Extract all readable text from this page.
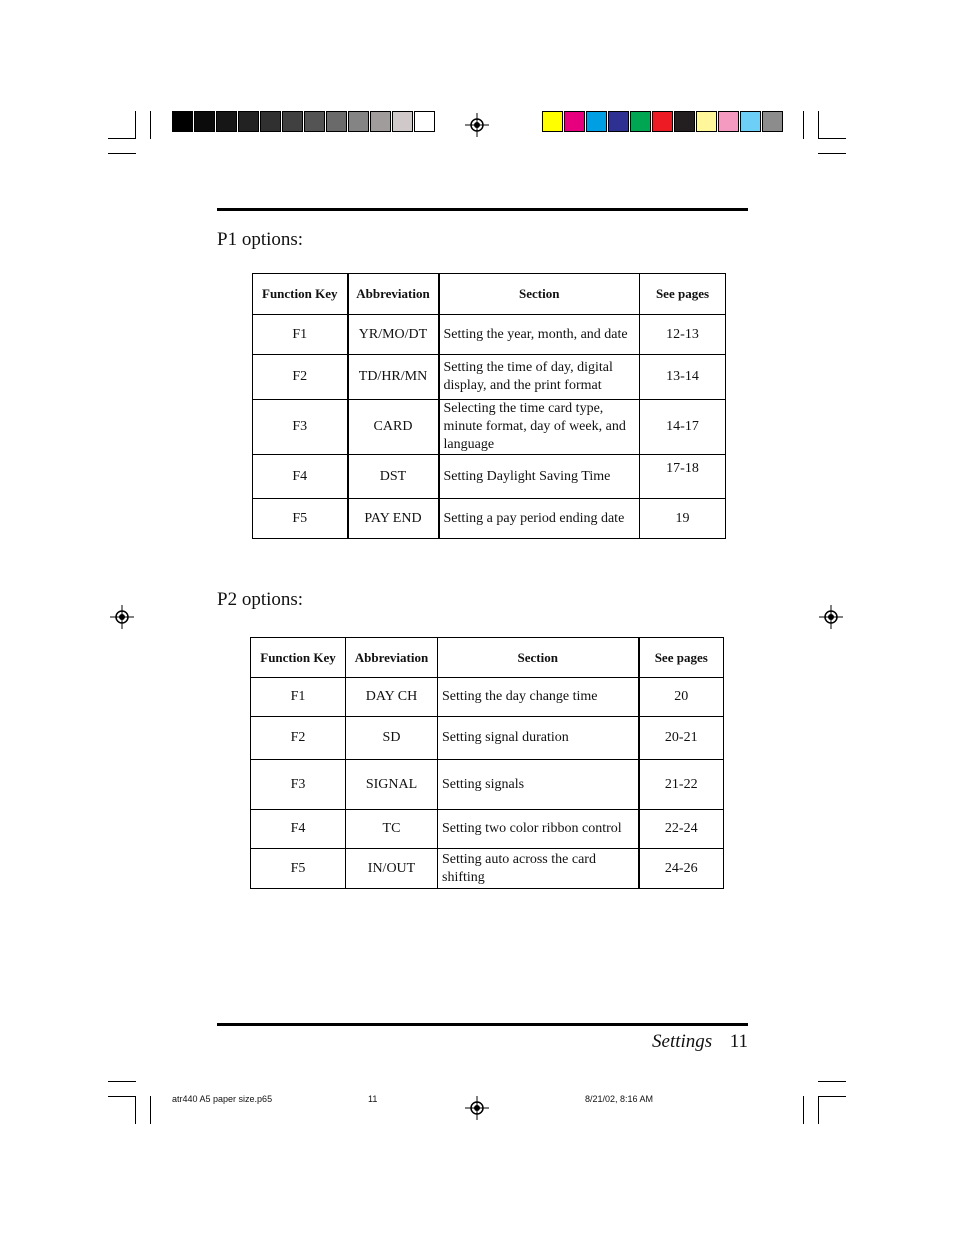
P1 options:
Function Key	Abbreviation	Section	See pages
F1	YR/MO/DT	Setting the year, month, and date	12-13
F2	TD/HR/MN	Setting the time of day, digital display, and the print format	13-14
F3	CARD	Selecting the time card type, minute format, day of week, and language	14-17
F4	DST	Setting Daylight Saving Time	17-18
F5	PAY END	Setting a pay period ending date	19
P2 options:
Function Key	Abbreviation	Section	See pages
F1	DAY CH	Setting the day change time	20
F2	SD	Setting signal duration	20-21
F3	SIGNAL	Setting signals	21-22
F4	TC	Setting two color ribbon control	22-24
F5	IN/OUT	Setting auto across the card shifting	24-26
Settings 11
atr440 A5 paper size.p65	11	8/21/02, 8:16 AM
